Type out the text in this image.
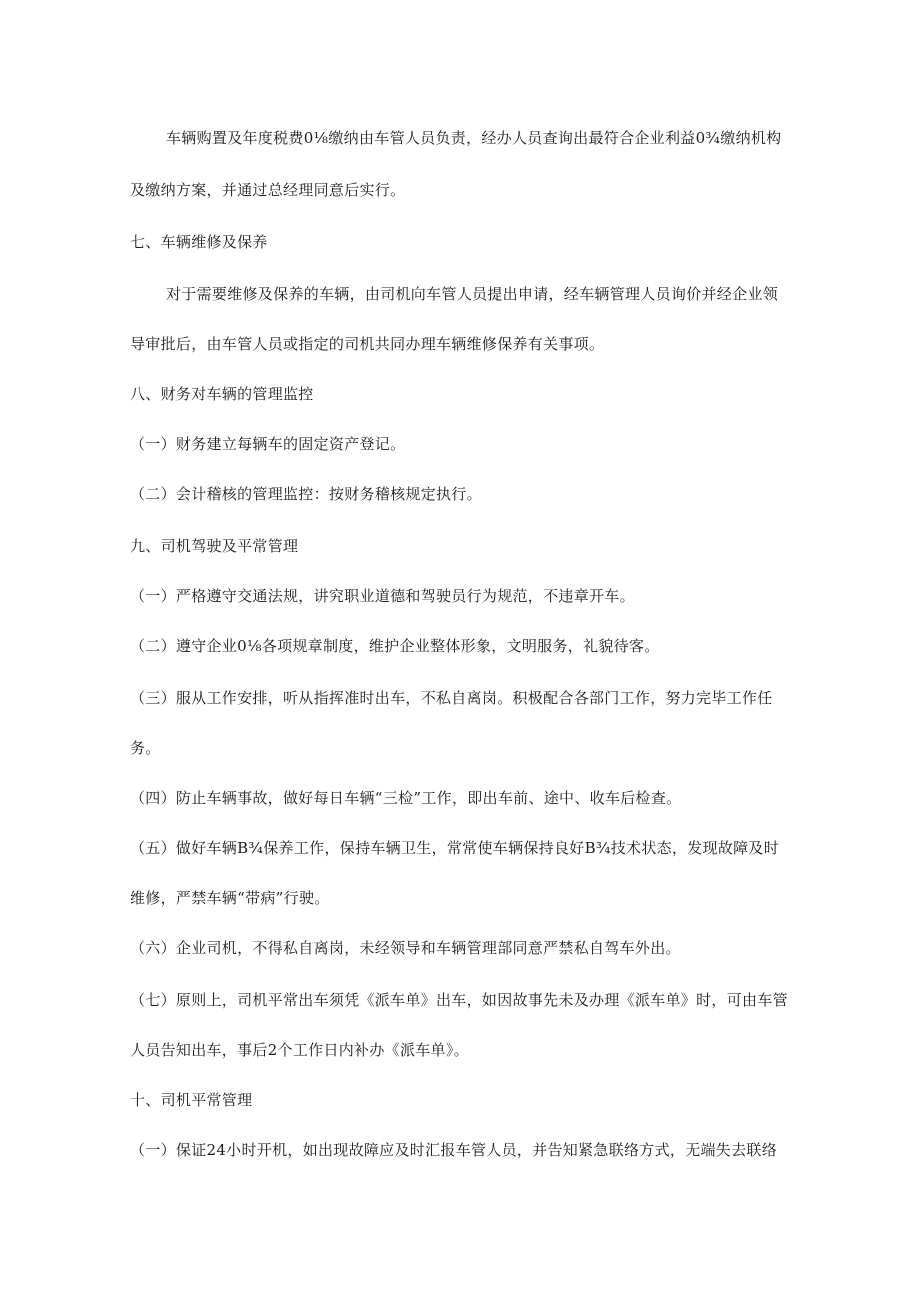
车辆购置及年度税费0⅛缴纳由车管人员负责，经办人员查询出最符合企业利益0¾缴纳机构
及缴纳方案，并通过总经理同意后实行。
七、车辆维修及保养
对于需要维修及保养的车辆，由司机向车管人员提出申请，经车辆管理人员询价并经企业领
导审批后，由车管人员或指定的司机共同办理车辆维修保养有关事项。
八、财务对车辆的管理监控
（一）财务建立每辆车的固定资产登记。
（二）会计稽核的管理监控：按财务稽核规定执行。
九、司机驾驶及平常管理
（一）严格遵守交通法规，讲究职业道德和驾驶员行为规范，不违章开车。
（二）遵守企业0⅛各项规章制度，维护企业整体形象，文明服务，礼貌待客。
（三）服从工作安排，听从指挥准时出车，不私自离岗。积极配合各部门工作，努力完毕工作任
务。
（四）防止车辆事故，做好每日车辆“三检”工作，即出车前、途中、收车后检查。
（五）做好车辆B¾保养工作，保持车辆卫生，常常使车辆保持良好B¾技术状态，发现故障及时
维修，严禁车辆“带病”行驶。
（六）企业司机，不得私自离岗，未经领导和车辆管理部同意严禁私自驾车外出。
（七）原则上，司机平常出车须凭《派车单》出车，如因故事先未及办理《派车单》时，可由车管
人员告知出车，事后2个工作日内补办《派车单》。
十、司机平常管理
（一）保证24小时开机，如出现故障应及时汇报车管人员，并告知紧急联络方式，无端失去联络
